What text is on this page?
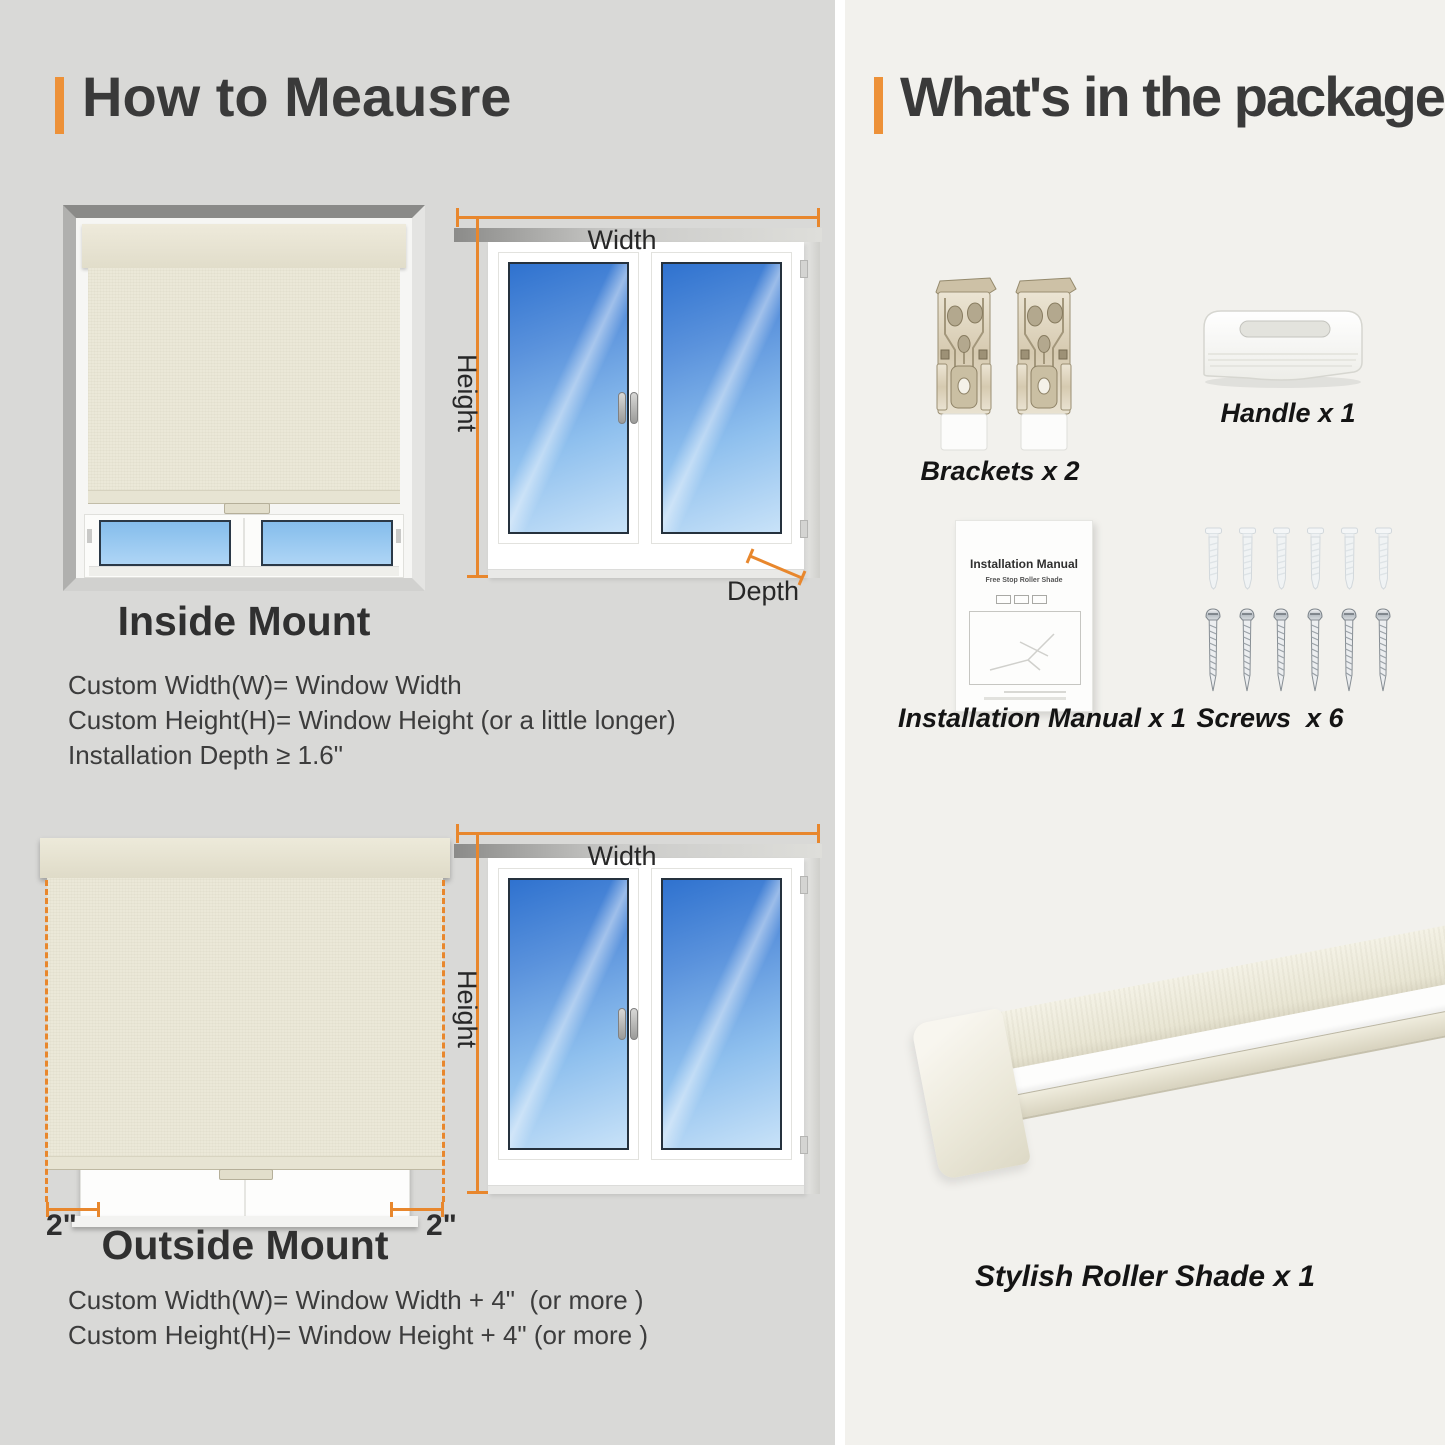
How to Meausre
Width
Height
Depth
Inside Mount
Custom Width(W)= Window Width
Custom Height(H)= Window Height (or a little longer)
Installation Depth ≥ 1.6"
2"	2"
Width
Height
Outside Mount
Custom Width(W)= Window Width + 4"  (or more )
Custom Height(H)= Window Height + 4" (or more )
What's in the package
Brackets x 2
Handle x 1
Installation Manual
Free Stop Roller Shade
Installation Manual x 1 Screws  x 6
Stylish Roller Shade x 1
